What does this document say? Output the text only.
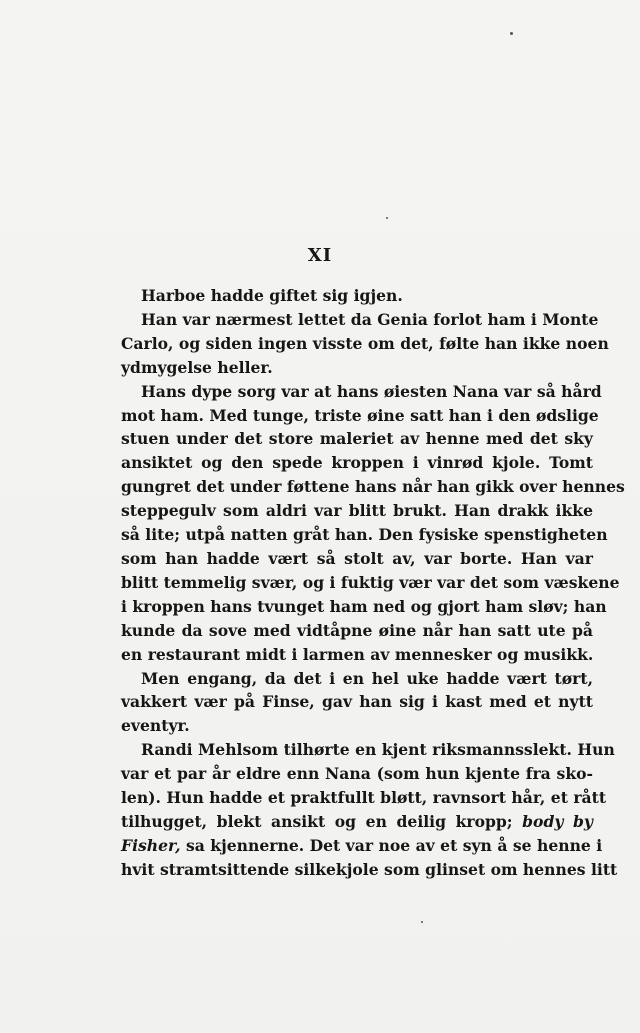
XI
Harboe hadde giftet sig igjen.
Han var nærmest lettet da Genia forlot ham i Monte
Carlo, og siden ingen visste om det, følte han ikke noen
ydmygelse heller.
Hans dype sorg var at hans øiesten Nana var så hård
mot ham. Med tunge, triste øine satt han i den ødslige
stuen under det store maleriet av henne med det sky
ansiktet og den spede kroppen i vinrød kjole. Tomt
gungret det under føttene hans når han gikk over hennes
steppegulv som aldri var blitt brukt. Han drakk ikke
så lite; utpå natten gråt han. Den fysiske spenstigheten
som han hadde vært så stolt av, var borte. Han var
blitt temmelig svær, og i fuktig vær var det som væskene
i kroppen hans tvunget ham ned og gjort ham sløv; han
kunde da sove med vidtåpne øine når han satt ute på
en restaurant midt i larmen av mennesker og musikk.
Men engang, da det i en hel uke hadde vært tørt,
vakkert vær på Finse, gav han sig i kast med et nytt
eventyr.
Randi Mehlsom tilhørte en kjent riksmannsslekt. Hun
var et par år eldre enn Nana (som hun kjente fra sko-
len). Hun hadde et praktfullt bløtt, ravnsort hår, et rått
tilhugget, blekt ansikt og en deilig kropp; body by
Fisher, sa kjennerne. Det var noe av et syn å se henne i
hvit stramtsittende silkekjole som glinset om hennes litt
